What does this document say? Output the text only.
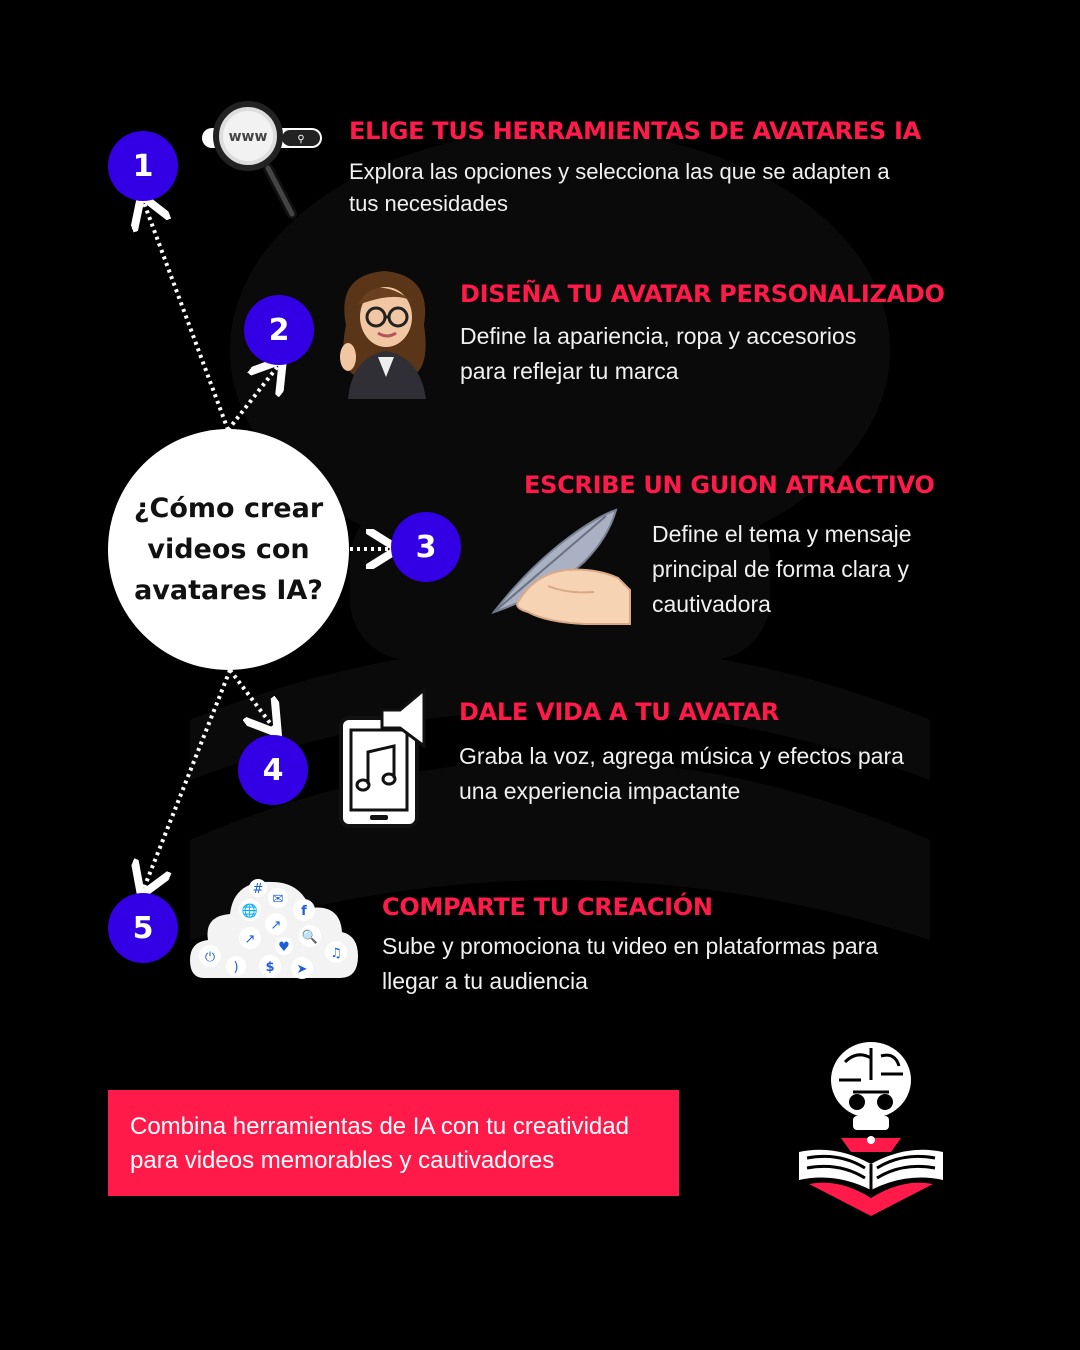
¿Cómo crear videos con avatares IA?
1
⚲
www	ELIGE TUS HERRAMIENTAS DE AVATARES IA
Explora las opciones y selecciona las que se adapten a tus necesidades
2
DISEÑA TU AVATAR PERSONALIZADO
Define la apariencia, ropa y accesorios para reflejar tu marca
3
ESCRIBE UN GUION ATRACTIVO
Define el tema y mensaje principal de forma clara y cautivadora
4
DALE VIDA A TU AVATAR
Graba la voz, agrega música y efectos para una experiencia impactante
5
#
✉
🌐	f
↗
↗
♥
🔍
⏻
) $ ➤
♫
COMPARTE TU CREACIÓN
Sube y promociona tu video en plataformas para llegar a tu audiencia
Combina herramientas de IA con tu creatividad para videos memorables y cautivadores
